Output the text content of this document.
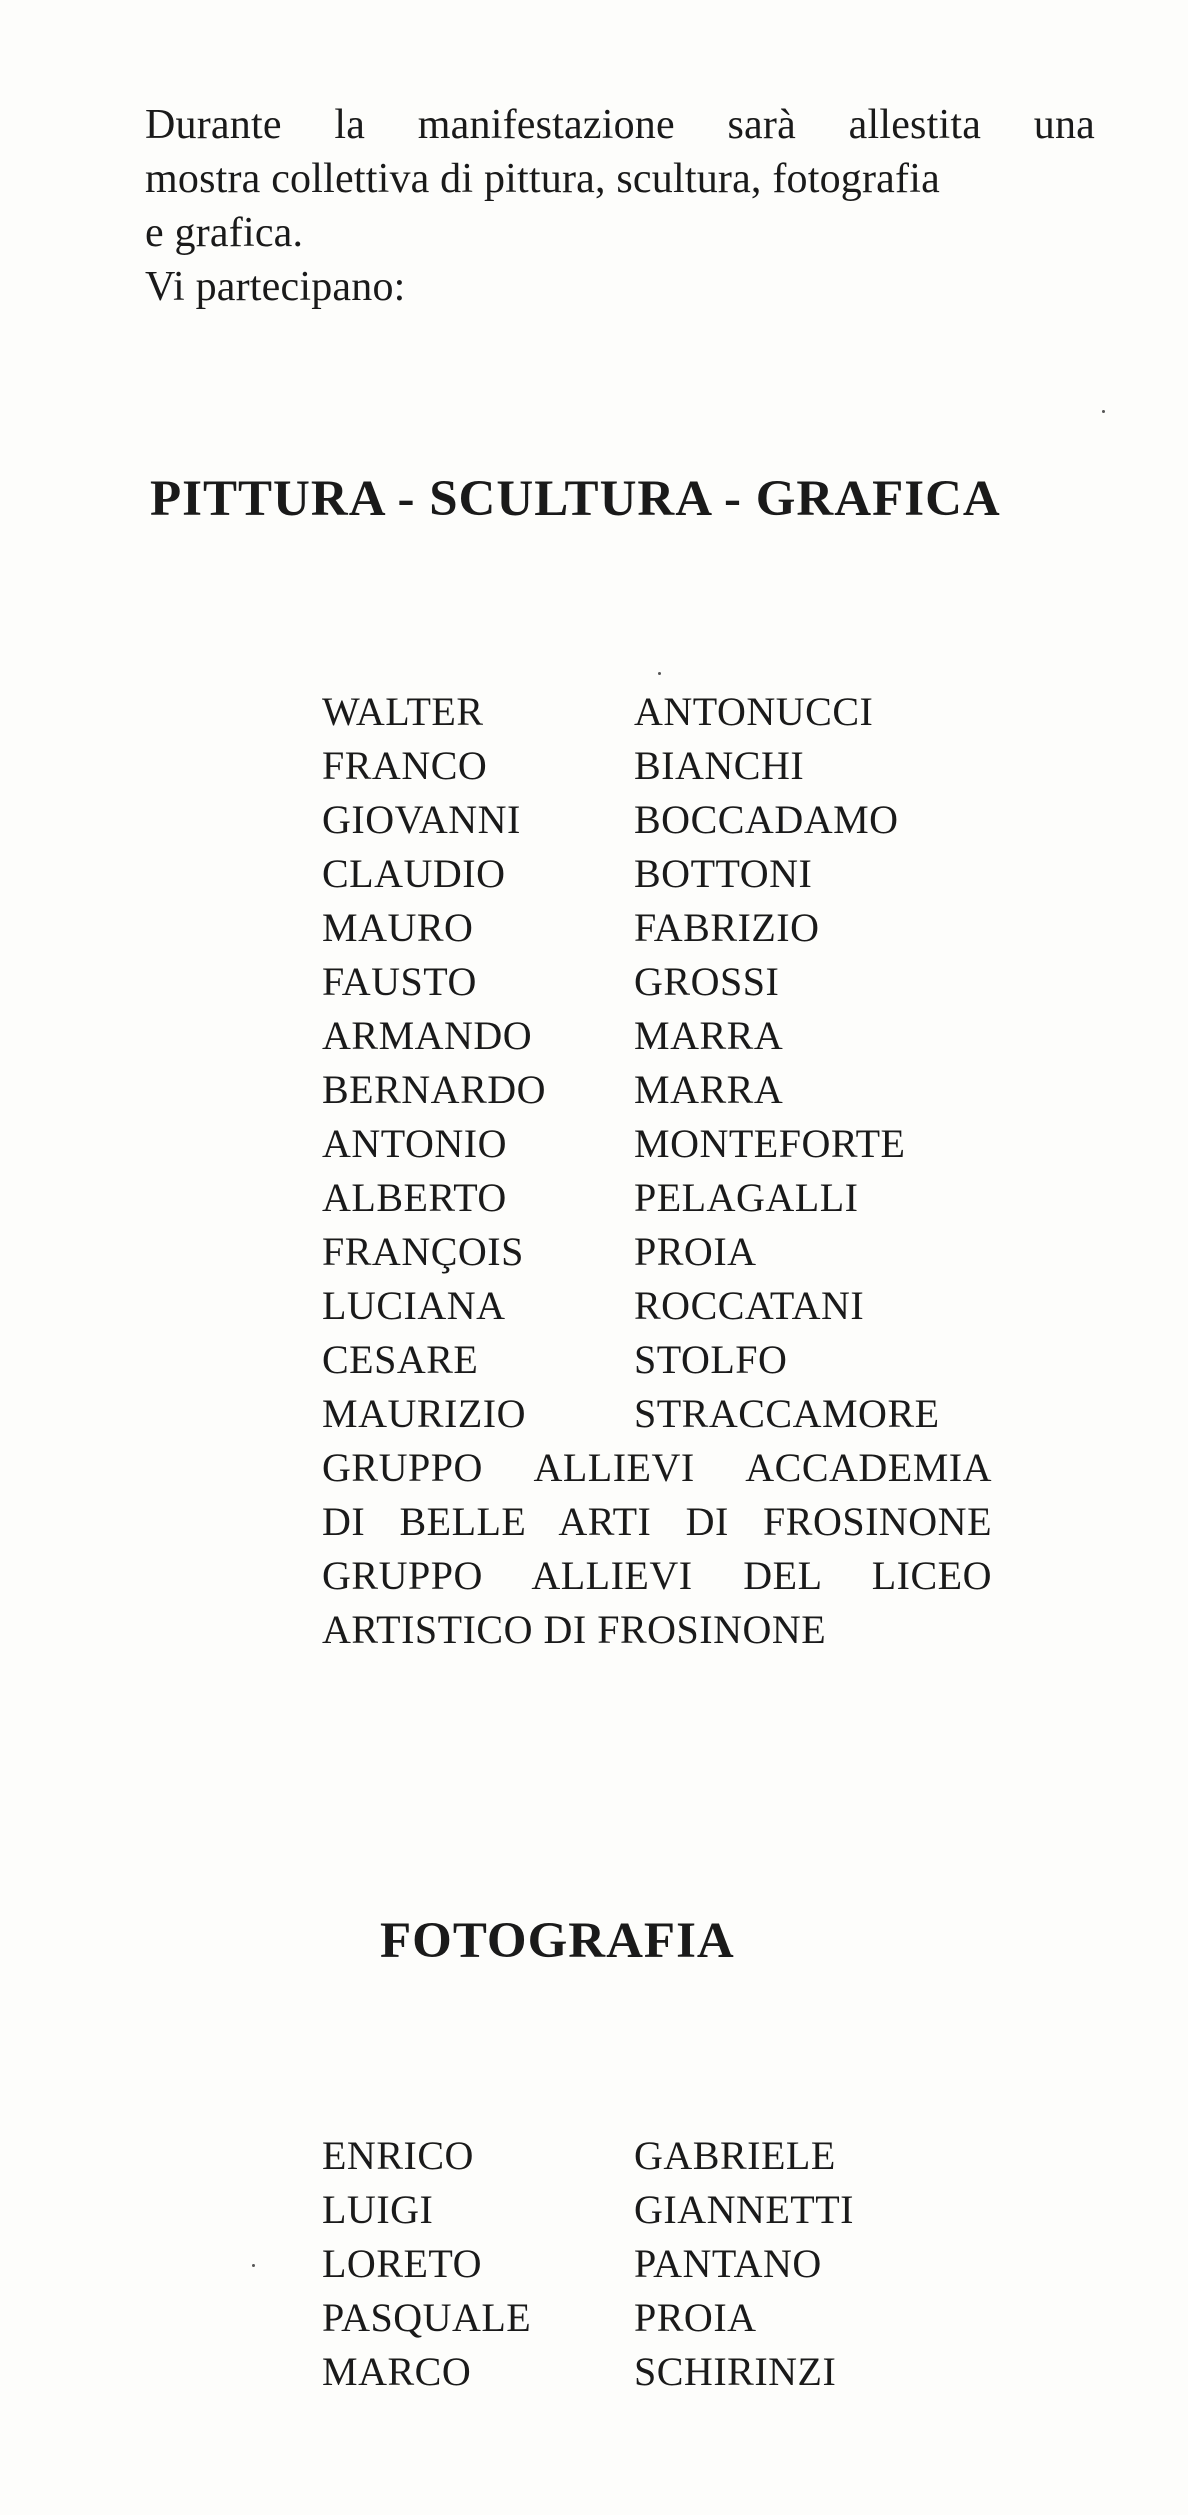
Durante la manifestazione sarà allestita una
mostra collettiva di pittura, scultura, fotografia
e grafica.
Vi partecipano:
PITTURA - SCULTURA - GRAFICA
WALTER	ANTONUCCI
FRANCO	BIANCHI
GIOVANNI	BOCCADAMO
CLAUDIO	BOTTONI
MAURO	FABRIZIO
FAUSTO	GROSSI
ARMANDO	MARRA
BERNARDO	MARRA
ANTONIO	MONTEFORTE
ALBERTO	PELAGALLI
FRANÇOIS	PROIA
LUCIANA	ROCCATANI
CESARE	STOLFO
MAURIZIO	STRACCAMORE
GRUPPO ALLIEVI ACCADEMIA
DI BELLE ARTI DI FROSINONE
GRUPPO ALLIEVI DEL LICEO
ARTISTICO DI FROSINONE
FOTOGRAFIA
ENRICO	GABRIELE
LUIGI	GIANNETTI
LORETO	PANTANO
PASQUALE	PROIA
MARCO	SCHIRINZI
